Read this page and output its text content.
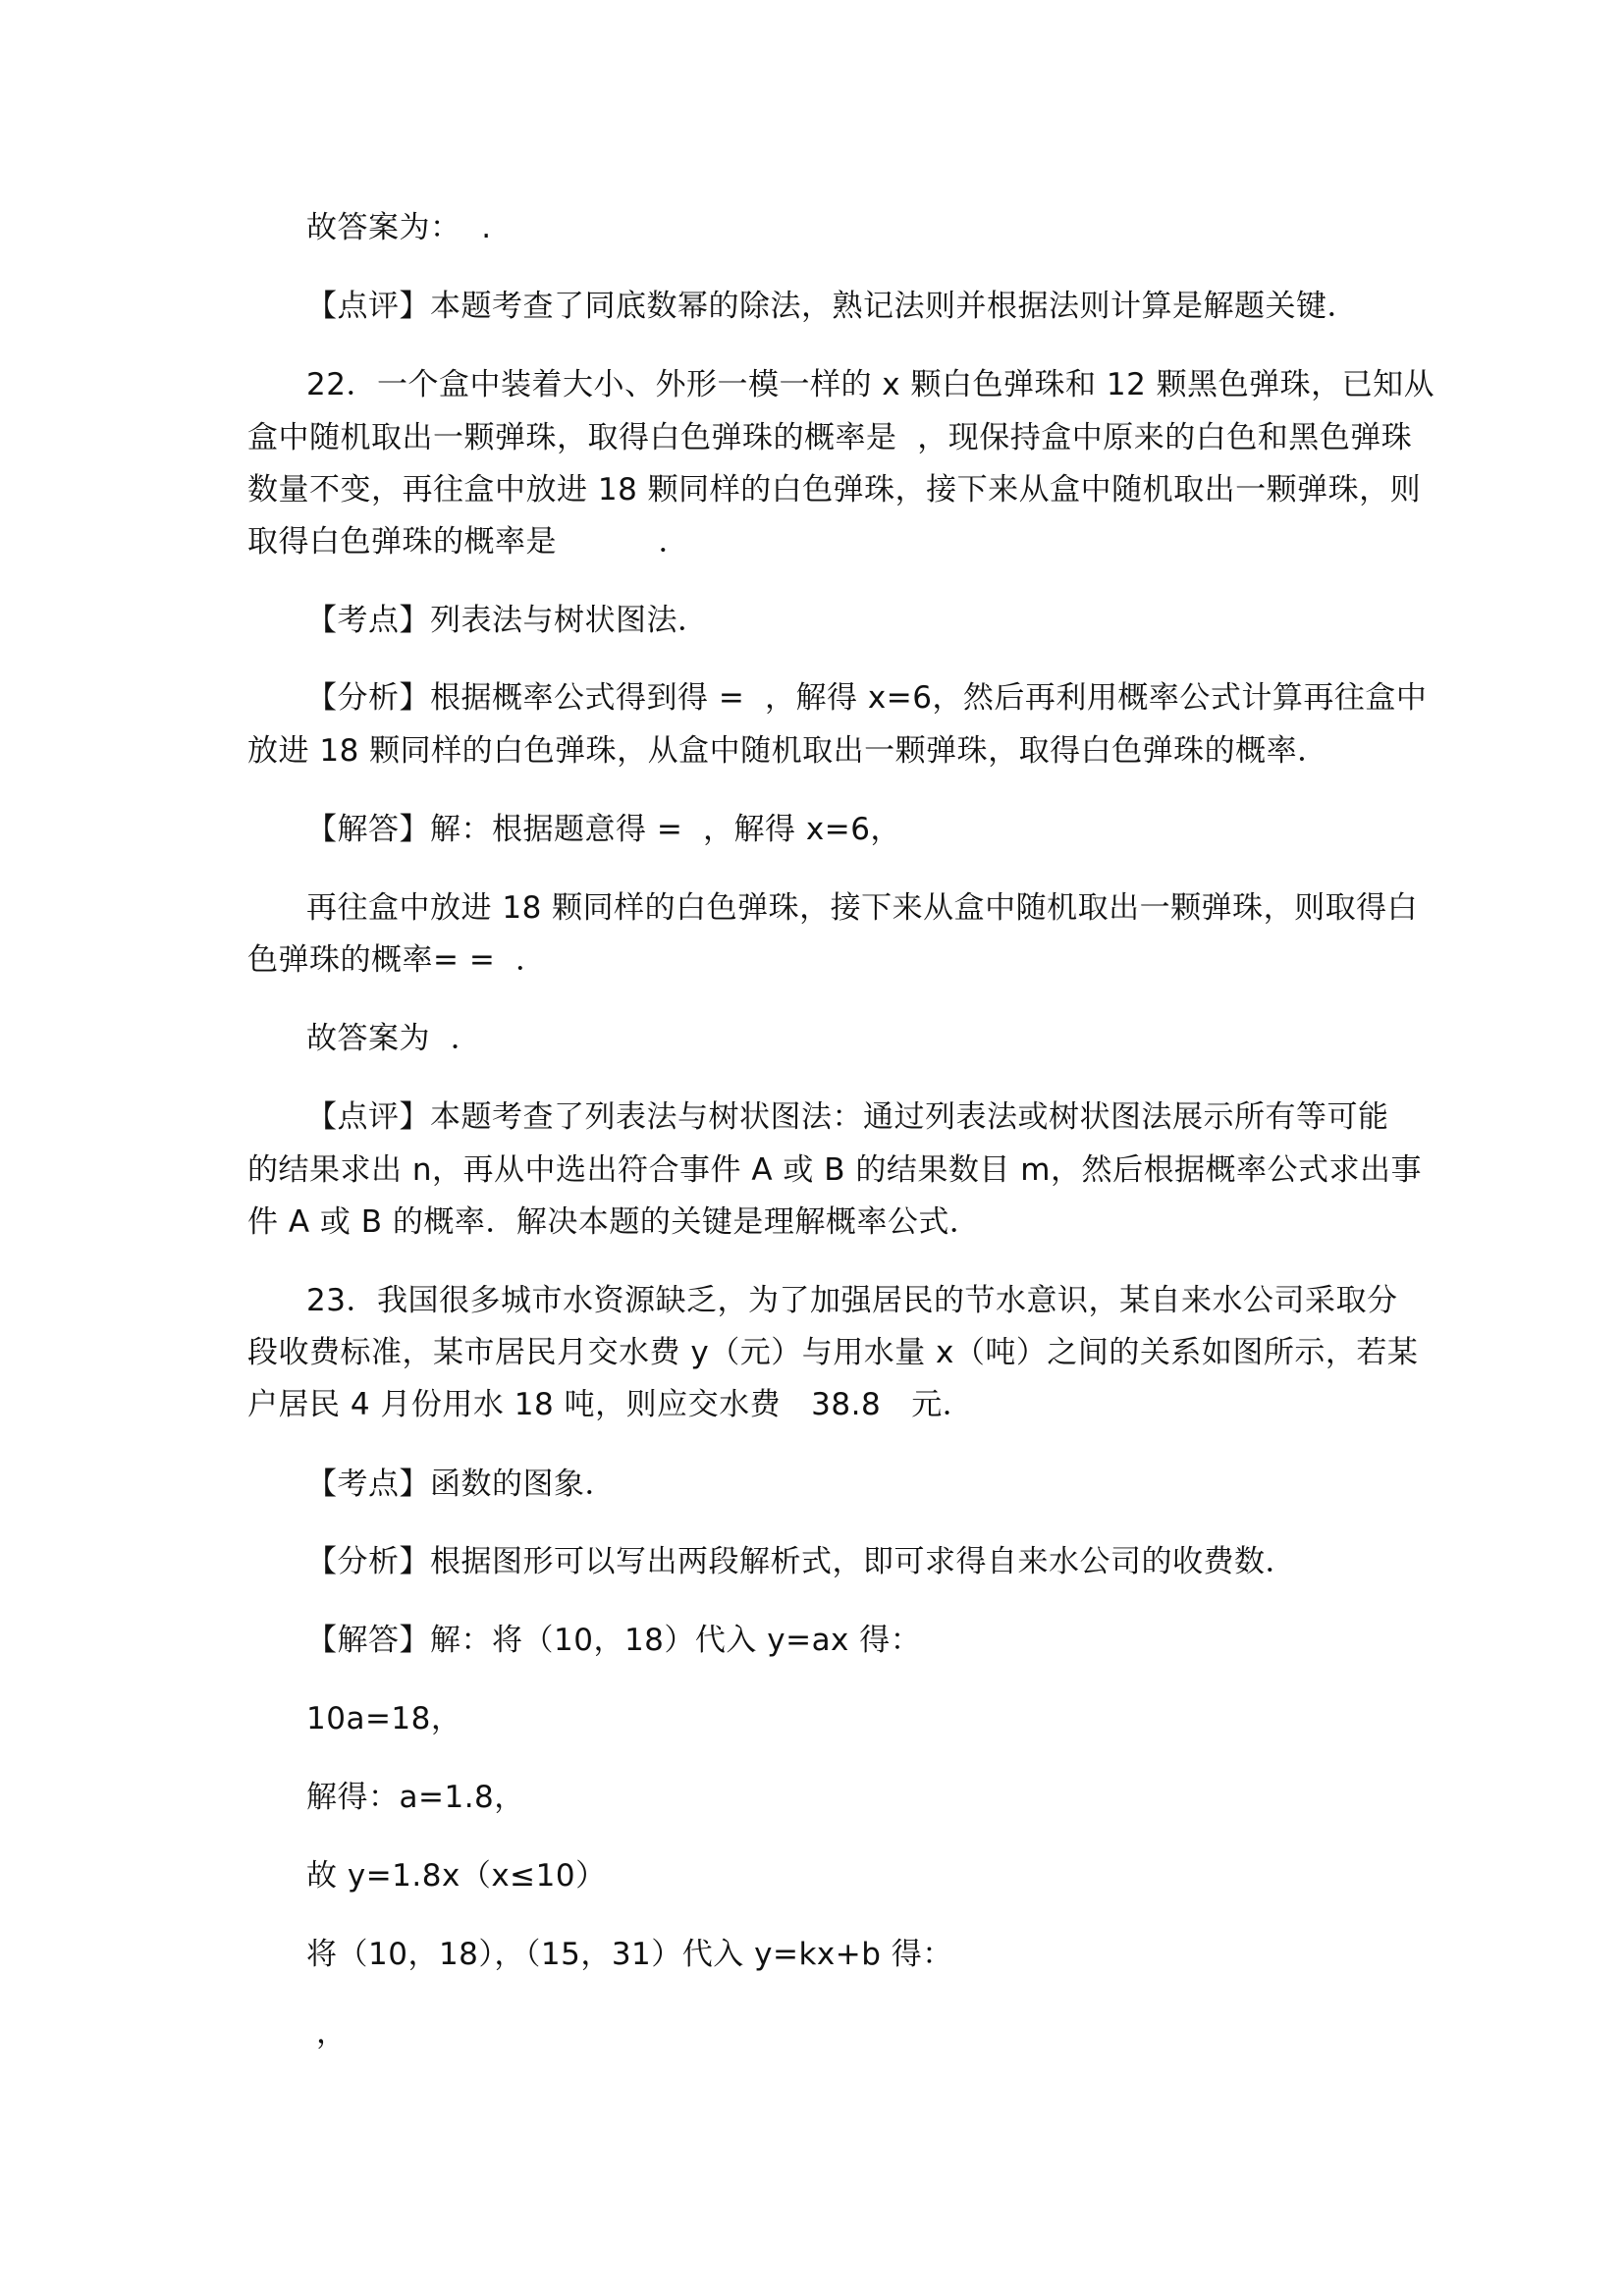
故答案为：  .
【点评】本题考查了同底数幂的除法，熟记法则并根据法则计算是解题关键．
22．一个盒中装着大小、外形一模一样的 x 颗白色弹珠和 12 颗黑色弹珠，已知从
盒中随机取出一颗弹珠，取得白色弹珠的概率是  ，现保持盒中原来的白色和黑色弹珠
数量不变，再往盒中放进 18 颗同样的白色弹珠，接下来从盒中随机取出一颗弹珠，则
取得白色弹珠的概率是          ．
【考点】列表法与树状图法．
【分析】根据概率公式得到得 =  ，解得 x=6，然后再利用概率公式计算再往盒中
放进 18 颗同样的白色弹珠，从盒中随机取出一颗弹珠，取得白色弹珠的概率．
【解答】解：根据题意得 =  ，解得 x=6，
再往盒中放进 18 颗同样的白色弹珠，接下来从盒中随机取出一颗弹珠，则取得白
色弹珠的概率= =  ．
故答案为  ．
【点评】本题考查了列表法与树状图法：通过列表法或树状图法展示所有等可能
的结果求出 n，再从中选出符合事件 A 或 B 的结果数目 m，然后根据概率公式求出事
件 A 或 B 的概率．解决本题的关键是理解概率公式．
23．我国很多城市水资源缺乏，为了加强居民的节水意识，某自来水公司采取分
段收费标准，某市居民月交水费 y（元）与用水量 x（吨）之间的关系如图所示，若某
户居民 4 月份用水 18 吨，则应交水费   38.8   元．
【考点】函数的图象．
【分析】根据图形可以写出两段解析式，即可求得自来水公司的收费数．
【解答】解：将（10，18）代入 y=ax 得：
10a=18，
解得：a=1.8，
故 y=1.8x（x≤10）
将（10，18），（15，31）代入 y=kx+b 得：
，
